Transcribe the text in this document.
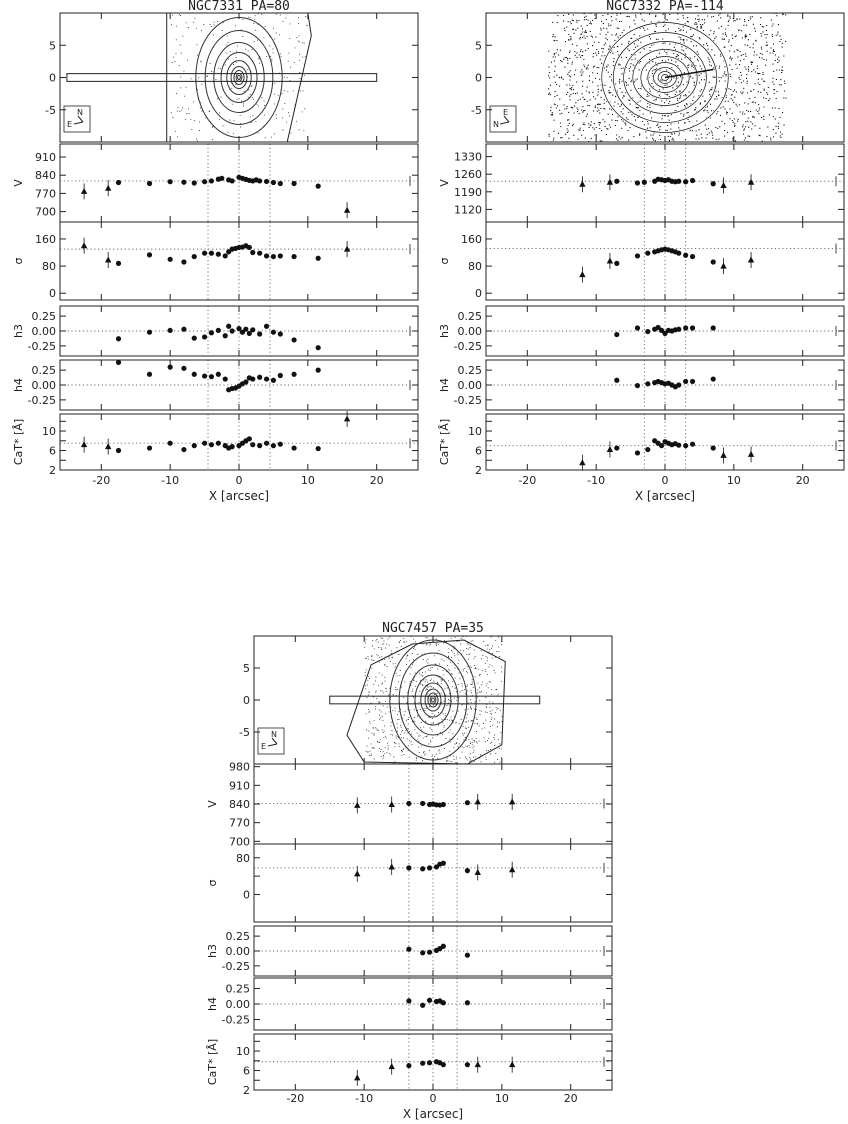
NGC7331 PA=80
N
E
-5
0
5
700
770
840
910
V
0
80
160
σ
-0.25
0.00
0.25
h3
-0.25
0.00
0.25
h4
2
6
10
CaT* [Å]
-20	-10	0	10	20
X [arcsec]
NGC7332 PA=-114
E
N
-5
0
5
1120
1190
1260
1330
V
0
80
160
σ
-0.25
0.00
0.25
h3
-0.25
0.00
0.25
h4
2
6
10
CaT* [Å]
-20	-10	0	10	20
X [arcsec]
NGC7457 PA=35
N
E
-5
0
5
700
770
840
910
980
V
0
80
σ
-0.25
0.00
0.25
h3
-0.25
0.00
0.25
h4
2
6
10
CaT* [Å]
-20	-10	0	10	20
X [arcsec]
